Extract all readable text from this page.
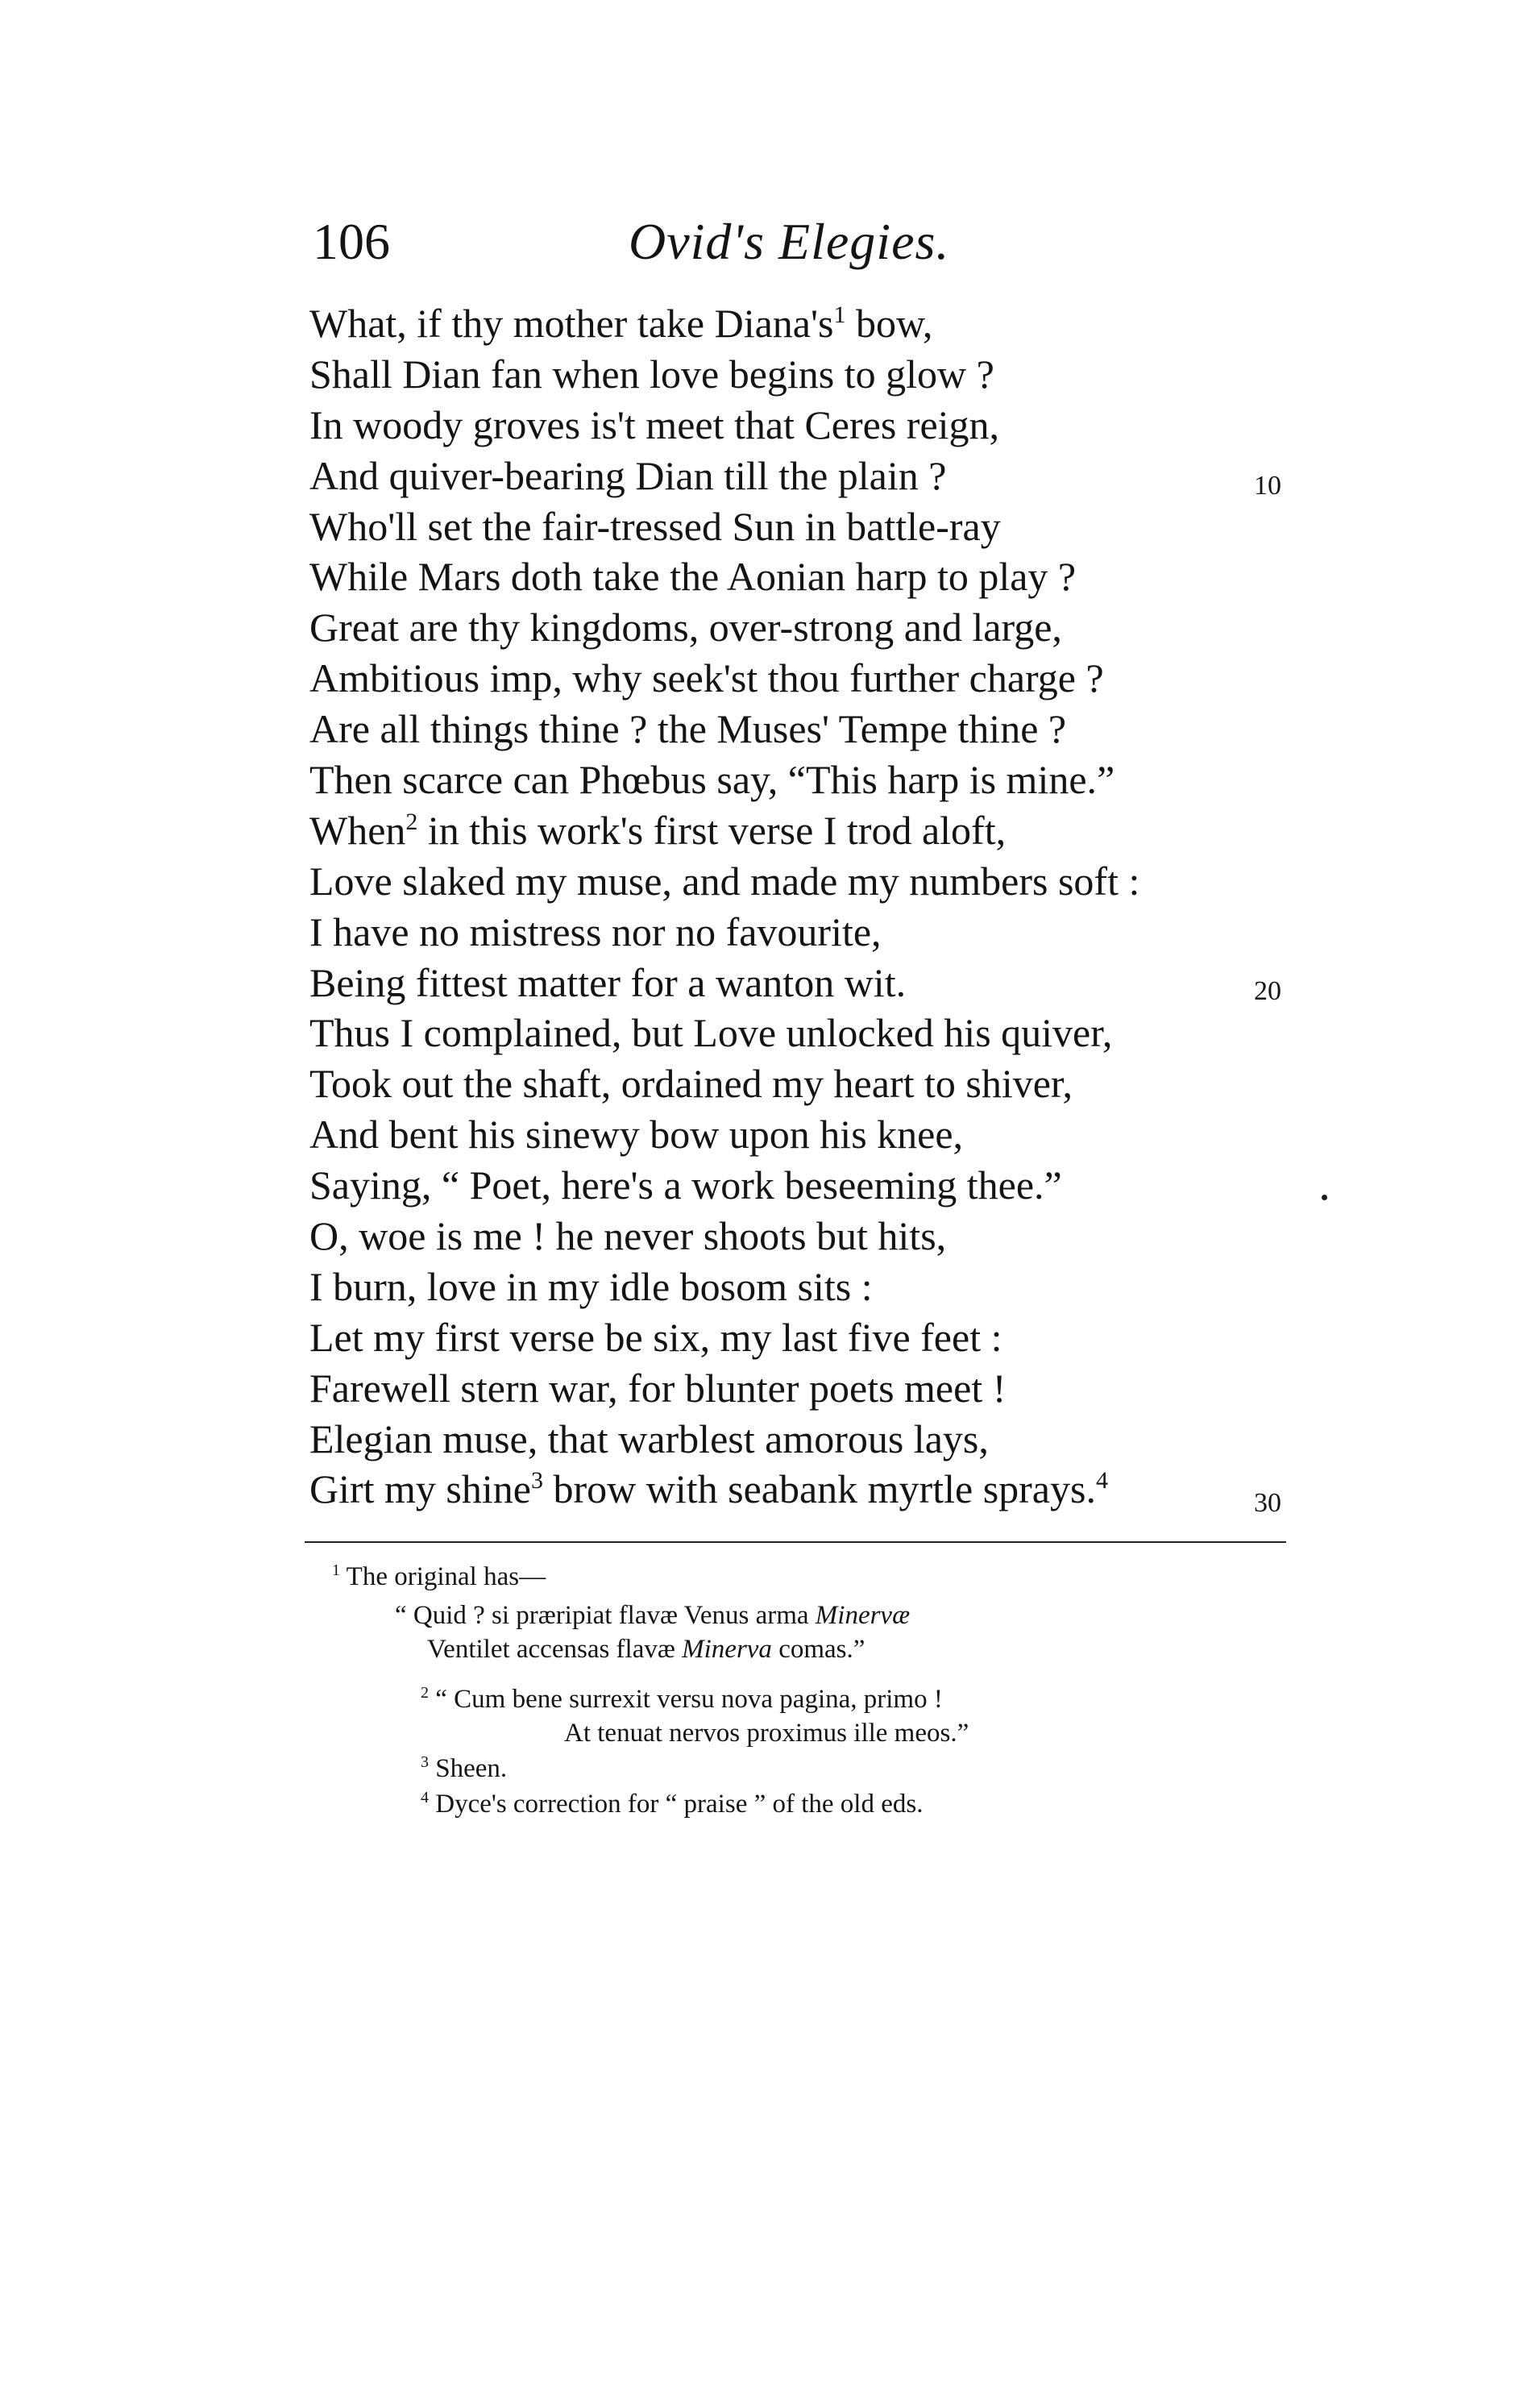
106	Ovid's Elegies.
What, if thy mother take $Diana's^1$ bow,
Shall Dian fan when love begins to glow ?
In woody groves is't meet that Ceres reign,
And quiver-bearing Dian till the plain ?
Who'll set the fair-tressed Sun in battle-ray
While Mars doth take the Aonian harp to play ?
Great are thy kingdoms, over-strong and large,
Ambitious imp, why seek'st thou further charge ?
Are all things thine ? the Muses' Tempe thine ?
Then scarce can Phœbus say, “This harp is mine.”
When$^2$ in this work's first verse I trod aloft,
Love slaked my muse, and made my numbers soft :
I have no mistress nor no favourite,
Being fittest matter for a wanton wit.
Thus I complained, but Love unlocked his quiver,
Took out the shaft, ordained my heart to shiver,
And bent his sinewy bow upon his knee,
Saying, “ Poet, here's a work beseeming thee.”
O, woe is me ! he never shoots but hits,
I burn, love in my idle bosom sits :
Let my first verse be six, my last five feet :
Farewell stern war, for blunter poets meet !
Elegian muse, that warblest amorous lays,
Girt my shine$^3$ brow with seabank myrtle sprays.$^4$
10
20
30
$^1$ The original has—
“ Quid ? si præripiat flavæ Venus arma Minervæ
Ventilet accensas flavæ Minerva comas.”
$^2$ “ Cum bene surrexit versu nova pagina, primo !
At tenuat nervos proximus ille meos.”
$^3$ Sheen.
$^4$ Dyce's correction for “ praise ” of the old eds.
